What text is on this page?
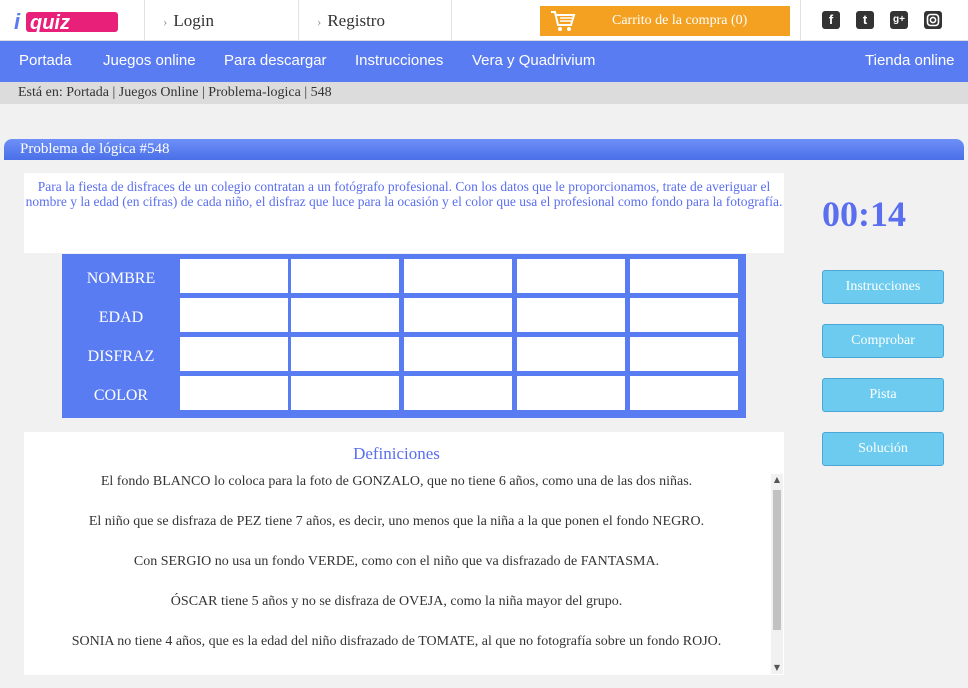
i quiz	› Login	› Registro	Carrito de la compra (0)	f	t	g+
Portada Juegos online Para descargar Instrucciones Vera y Quadrivium	Tienda online
Está en: Portada | Juegos Online | Problema-logica | 548
Problema de lógica #548
Para la fiesta de disfraces de un colegio contratan a un fotógrafo profesional. Con los datos que le proporcionamos, trate de averiguar el nombre y la edad (en cifras) de cada niño, el disfraz que luce para la ocasión y el color que usa el profesional como fondo para la fotografía.
NOMBRE
EDAD
DISFRAZ
COLOR
Definiciones
El fondo BLANCO lo coloca para la foto de GONZALO, que no tiene 6 años, como una de las dos niñas.
El niño que se disfraza de PEZ tiene 7 años, es decir, uno menos que la niña a la que ponen el fondo NEGRO.
Con SERGIO no usa un fondo VERDE, como con el niño que va disfrazado de FANTASMA.
ÓSCAR tiene 5 años y no se disfraza de OVEJA, como la niña mayor del grupo.
SONIA no tiene 4 años, que es la edad del niño disfrazado de TOMATE, al que no fotografía sobre un fondo ROJO.
▲
▼
00:14
Instrucciones
Comprobar
Pista
Solución
